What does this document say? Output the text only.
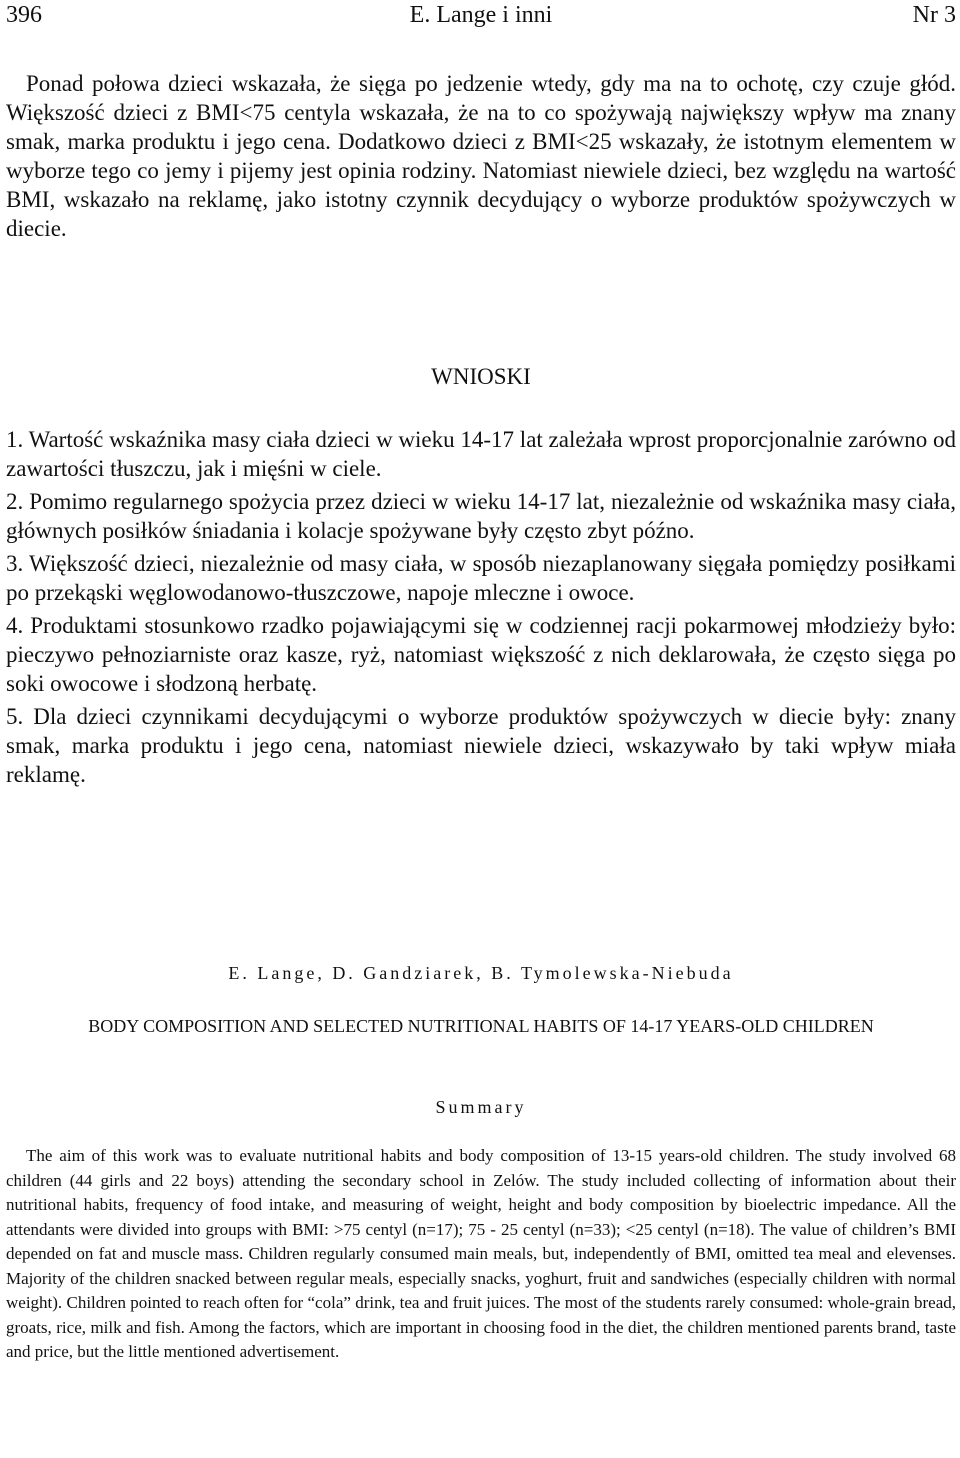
396	E. Lange i inni	Nr 3

Ponad połowa dzieci wskazała, że sięga po jedzenie wtedy, gdy ma na to ochotę, czy czuje głód. Większość dzieci z BMI<75 centyla wskazała, że na to co spożywają największy wpływ ma znany smak, marka produktu i jego cena. Dodatkowo dzieci z BMI<25 wskazały, że istotnym elementem w wyborze tego co jemy i pijemy jest opinia rodziny. Natomiast niewiele dzieci, bez względu na wartość BMI, wskazało na reklamę, jako istotny czynnik decydujący o wyborze produktów spożywczych w diecie.

WNIOSKI

1. Wartość wskaźnika masy ciała dzieci w wieku 14-17 lat zależała wprost proporcjonalnie zarówno od zawartości tłuszczu, jak i mięśni w ciele.

2. Pomimo regularnego spożycia przez dzieci w wieku 14-17 lat, niezależnie od wskaźnika masy ciała, głównych posiłków śniadania i kolacje spożywane były często zbyt późno.

3. Większość dzieci, niezależnie od masy ciała, w sposób niezaplanowany sięgała pomiędzy posiłkami po przekąski węglowodanowo-tłuszczowe, napoje mleczne i owoce.

4. Produktami stosunkowo rzadko pojawiającymi się w codziennej racji pokarmowej młodzieży było: pieczywo pełnoziarniste oraz kasze, ryż, natomiast większość z nich deklarowała, że często sięga po soki owocowe i słodzoną herbatę.

5. Dla dzieci czynnikami decydującymi o wyborze produktów spożywczych w diecie były: znany smak, marka produktu i jego cena, natomiast niewiele dzieci, wskazywało by taki wpływ miała reklamę.

E. Lange, D. Gandziarek, B. Tymolewska-Niebuda
BODY COMPOSITION AND SELECTED NUTRITIONAL HABITS OF 14-17 YEARS-OLD CHILDREN
Summary

The aim of this work was to evaluate nutritional habits and body composition of 13-15 years-old children. The study involved 68 children (44 girls and 22 boys) attending the secondary school in Zelów. The study included collecting of information about their nutritional habits, frequency of food intake, and measuring of weight, height and body composition by bioelectric impedance. All the attendants were divided into groups with BMI: >75 centyl (n=17); 75 - 25 centyl (n=33); <25 centyl (n=18). The value of children’s BMI depended on fat and muscle mass. Children regularly consumed main meals, but, independently of BMI, omitted tea meal and elevenses. Majority of the children snacked between regular meals, especially snacks, yoghurt, fruit and sandwiches (especially children with normal weight). Children pointed to reach often for “cola” drink, tea and fruit juices. The most of the students rarely consumed: whole-grain bread, groats, rice, milk and fish. Among the factors, which are important in choosing food in the diet, the children mentioned parents brand, taste and price, but the little mentioned advertisement.
